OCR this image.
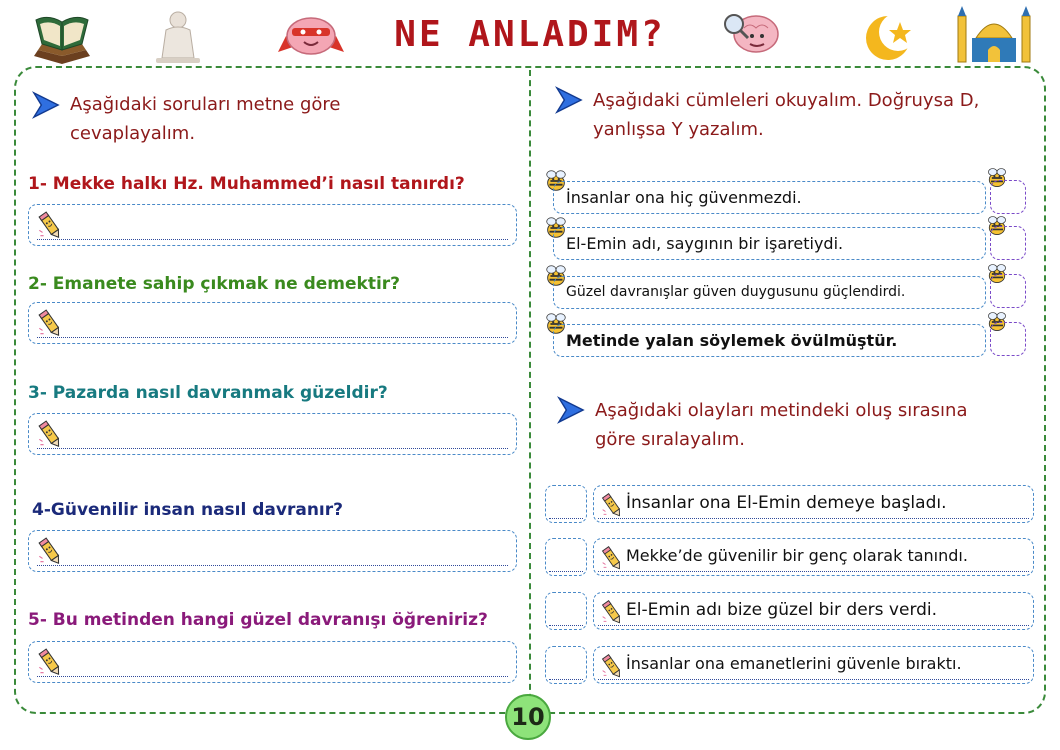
NE ANLADIM?
Aşağıdaki soruları metne göre
cevaplayalım.
1- Mekke halkı Hz. Muhammed’i nasıl tanırdı?
2- Emanete sahip çıkmak ne demektir?
3- Pazarda nasıl davranmak güzeldir?
4-Güvenilir insan nasıl davranır?
5- Bu metinden hangi güzel davranışı öğreniriz?
Aşağıdaki cümleleri okuyalım. Doğruysa D,
yanlışsa Y yazalım.
İnsanlar ona hiç güvenmezdi.
El-Emin adı, saygının bir işaretiydi.
Güzel davranışlar güven duygusunu güçlendirdi.
Metinde yalan söylemek övülmüştür.
Aşağıdaki olayları metindeki oluş sırasına
göre sıralayalım.
İnsanlar ona El-Emin demeye başladı.
Mekke’de güvenilir bir genç olarak tanındı.
El-Emin adı bize güzel bir ders verdi.
İnsanlar ona emanetlerini güvenle bıraktı.
10
